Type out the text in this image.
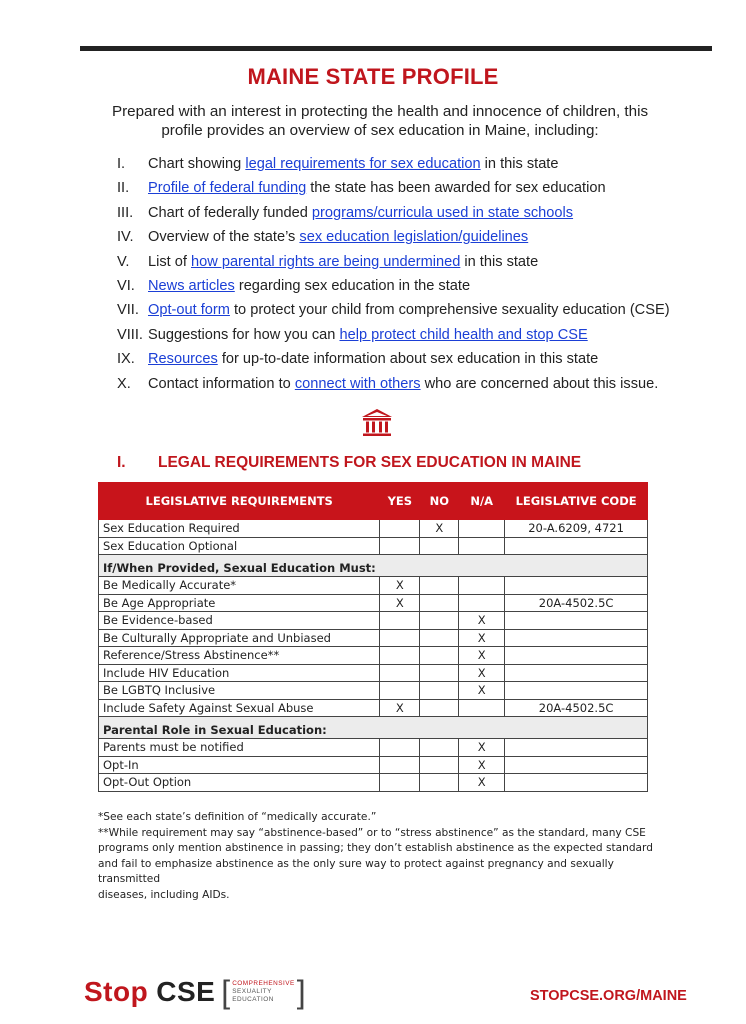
MAINE STATE PROFILE
Prepared with an interest in protecting the health and innocence of children, this profile provides an overview of sex education in Maine, including:
I.	Chart showing legal requirements for sex education in this state
II.	Profile of federal funding the state has been awarded for sex education
III.	Chart of federally funded programs/curricula used in state schools
IV. Overview of the state’s sex education legislation/guidelines
V.	List of how parental rights are being undermined in this state
VI. News articles regarding sex education in the state
VII. Opt-out form to protect your child from comprehensive sexuality education (CSE)
VIII. Suggestions for how you can help protect child health and stop CSE
IX. Resources for up-to-date information about sex education in this state
X.	Contact information to connect with others who are concerned about this issue.
I. LEGAL REQUIREMENTS FOR SEX EDUCATION IN MAINE
LEGISLATIVE REQUIREMENTS	YES	NO	N/A	LEGISLATIVE CODE
Sex Education Required		X		20-A.6209, 4721
Sex Education Optional				
If/When Provided, Sexual Education Must:				
Be Medically Accurate*	X			
Be Age Appropriate	X			20A-4502.5C
Be Evidence-based			X	
Be Culturally Appropriate and Unbiased			X	
Reference/Stress Abstinence**			X	
Include HIV Education			X	
Be LGBTQ Inclusive			X	
Include Safety Against Sexual Abuse	X			20A-4502.5C
Parental Role in Sexual Education:				
Parents must be notified			X	
Opt-In			X	
Opt-Out Option			X	
*See each state’s definition of “medically accurate.”
**While requirement may say “abstinence-based” or to “stress abstinence” as the standard, many CSE
programs only mention abstinence in passing; they don’t establish abstinence as the expected standard
and fail to emphasize abstinence as the only sure way to protect against pregnancy and sexually transmitted
diseases, including AIDs.
Stop CSE [ COMPREHENSIVE
SEXUALITY
EDUCATION ]	STOPCSE.ORG/MAINE
